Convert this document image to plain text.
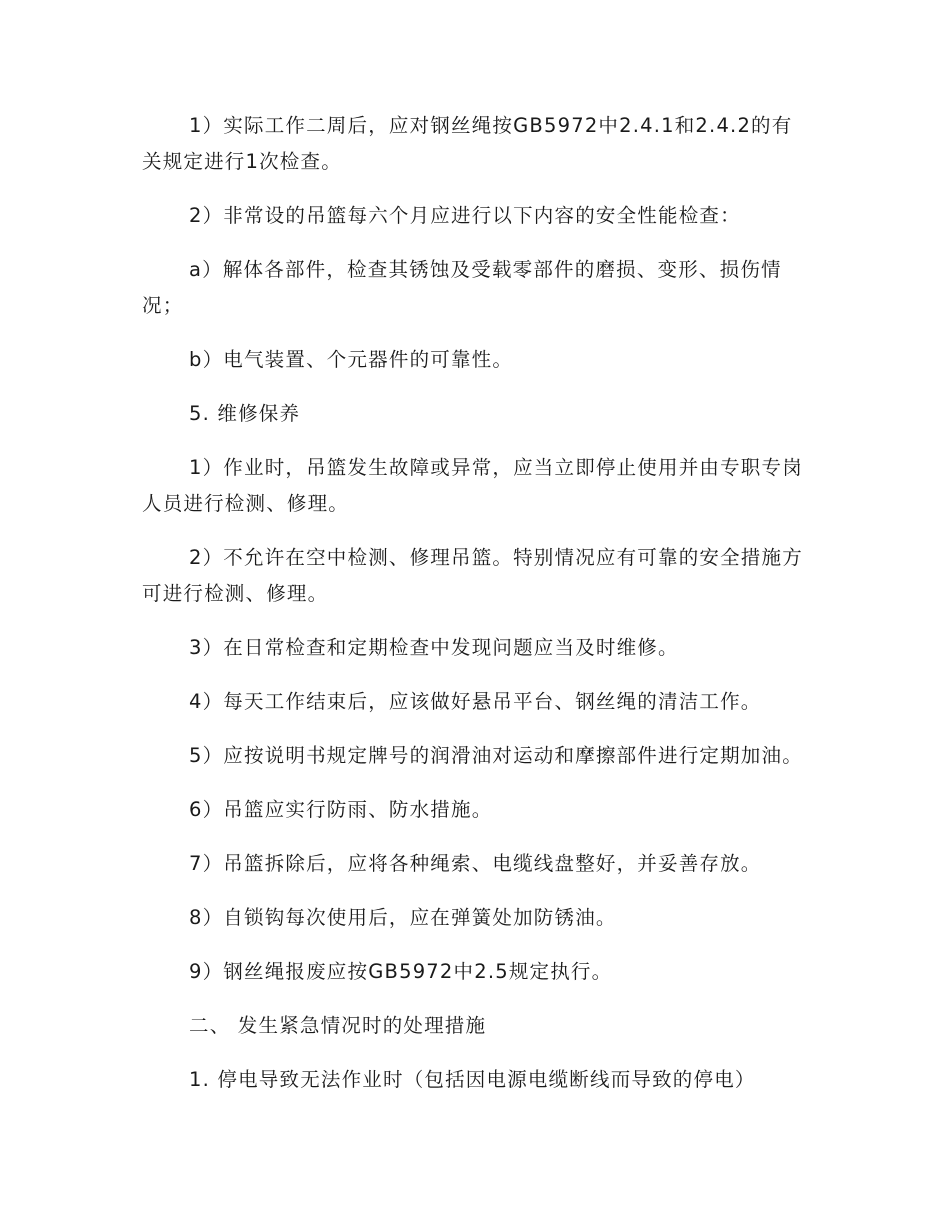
1）实际工作二周后，应对钢丝绳按GB5972中2.4.1和2.4.2的有关规定进行1次检查。

2）非常设的吊篮每六个月应进行以下内容的安全性能检查：

a）解体各部件，检查其锈蚀及受载零部件的磨损、变形、损伤情况；

b）电气装置、个元器件的可靠性。

5. 维修保养

1）作业时，吊篮发生故障或异常，应当立即停止使用并由专职专岗人员进行检测、修理。

2）不允许在空中检测、修理吊篮。特别情况应有可靠的安全措施方可进行检测、修理。

3）在日常检查和定期检查中发现问题应当及时维修。

4）每天工作结束后，应该做好悬吊平台、钢丝绳的清洁工作。

5）应按说明书规定牌号的润滑油对运动和摩擦部件进行定期加油。

6）吊篮应实行防雨、防水措施。

7）吊篮拆除后，应将各种绳索、电缆线盘整好，并妥善存放。

8）自锁钩每次使用后，应在弹簧处加防锈油。

9）钢丝绳报废应按GB5972中2.5规定执行。

二、 发生紧急情况时的处理措施

1. 停电导致无法作业时（包括因电源电缆断线而导致的停电）
